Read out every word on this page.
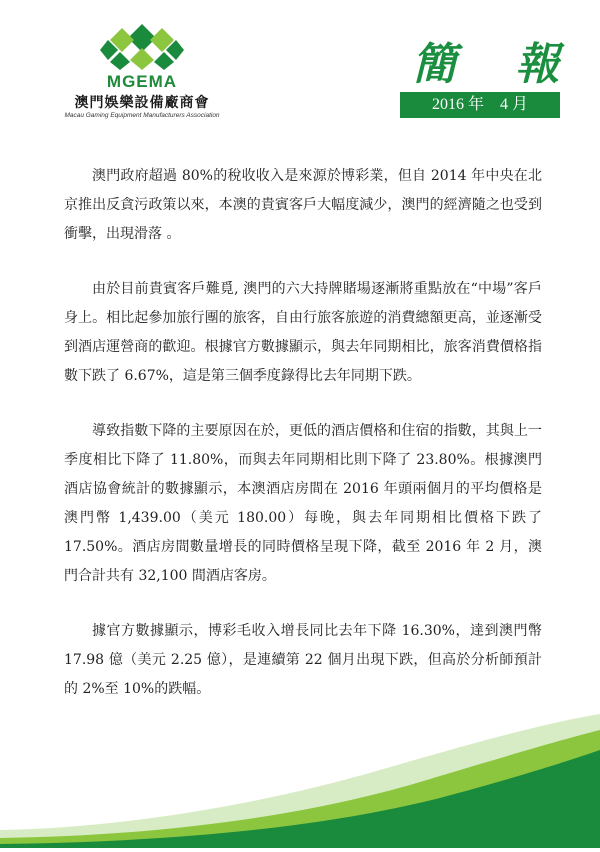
MGEMA
澳門娛樂設備廠商會
Macau Gaming Equipment Manufacturers Association
簡 報
2016 年　4 月

澳門政府超過 80%的稅收收入是來源於博彩業，但自 2014 年中央在北京推出反貪污政策以來，本澳的貴賓客戶大幅度減少，澳門的經濟隨之也受到衝擊，出現滑落 。

由於目前貴賓客戶難覓, 澳門的六大持牌賭場逐漸將重點放在“中場”客戶身上。相比起參加旅行團的旅客，自由行旅客旅遊的消費總額更高，並逐漸受到酒店運營商的歡迎。根據官方數據顯示，與去年同期相比，旅客消費價格指數下跌了 6.67%，這是第三個季度錄得比去年同期下跌。

導致指數下降的主要原因在於，更低的酒店價格和住宿的指數，其與上一季度相比下降了 11.80%，而與去年同期相比則下降了 23.80%。根據澳門酒店協會統計的數據顯示，本澳酒店房間在 2016 年頭兩個月的平均價格是澳門幣 1,439.00（美元 180.00）每晚，與去年同期相比價格下跌了 17.50%。酒店房間數量增長的同時價格呈現下降，截至 2016 年 2 月，澳門合計共有 32,100 間酒店客房。

據官方數據顯示，博彩毛收入增長同比去年下降 16.30%，達到澳門幣 17.98 億（美元 2.25 億），是連續第 22 個月出現下跌，但高於分析師預計的 2%至 10%的跌幅。
